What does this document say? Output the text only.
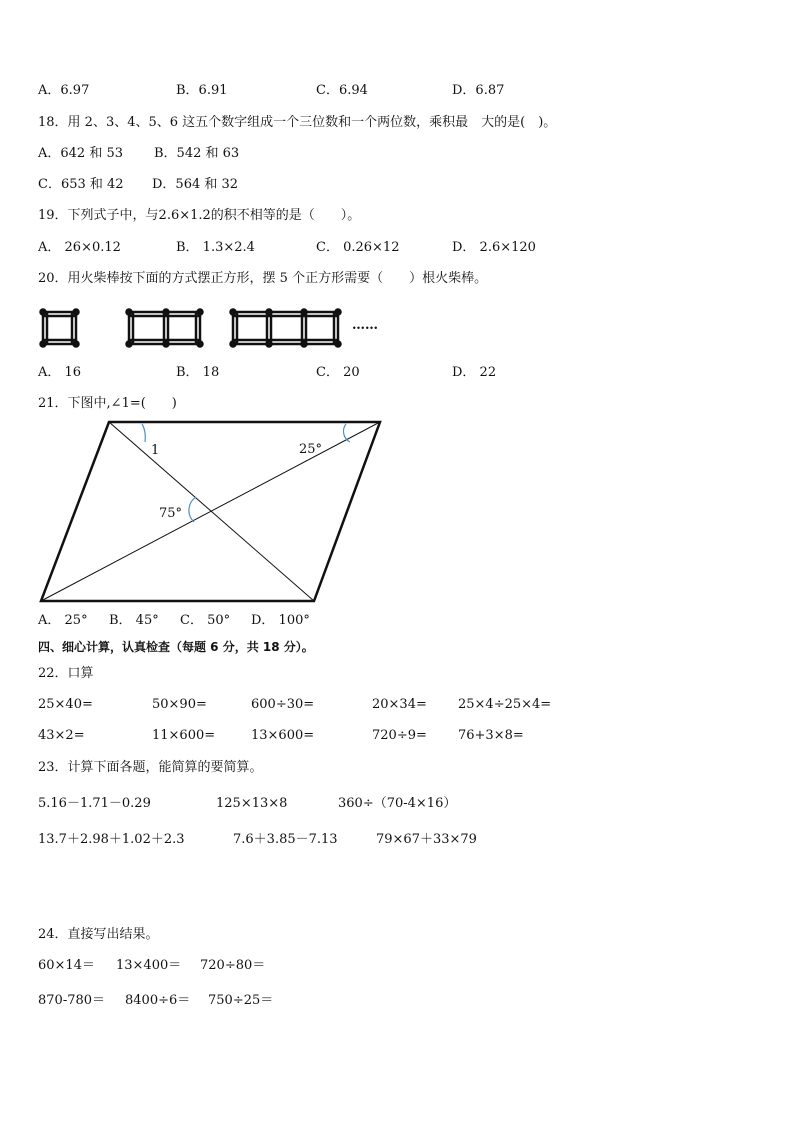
A．6.97	B．6.91	C．6.94	D．6.87
18．用 2、3、4、5、6 这五个数字组成一个三位数和一个两位数，乘积最　大的是(　)。
A．642 和 53 B．542 和 63
C．653 和 42 D．564 和 32
19．下列式子中，与2.6×1.2的积不相等的是（　　）。
A． 26×0.12	B． 1.3×2.4	C． 0.26×12	D． 2.6×120
20．用火柴棒按下面的方式摆正方形，摆 5 个正方形需要（　　）根火柴棒。
……
A． 16	B． 18	C． 20	D． 22
21．下图中,∠1=(　　)
1	25°
75°
A． 25° B． 45° C． 50° D． 100°
四、细心计算，认真检查（每题 6 分，共 18 分）。
22．口算
25×40=	50×90=	600÷30=	20×34= 25×4÷25×4=
43×2=	11×600=	13×600=	720÷9= 76+3×8=
23．计算下面各题，能简算的要简算。
5.16－1.71－0.29	125×13×8	360÷（70-4×16）
13.7＋2.98＋1.02＋2.3	7.6＋3.85－7.13	79×67＋33×79
24．直接写出结果。
60×14＝ 13×400＝ 720÷80＝
870-780＝ 8400÷6＝ 750÷25＝
